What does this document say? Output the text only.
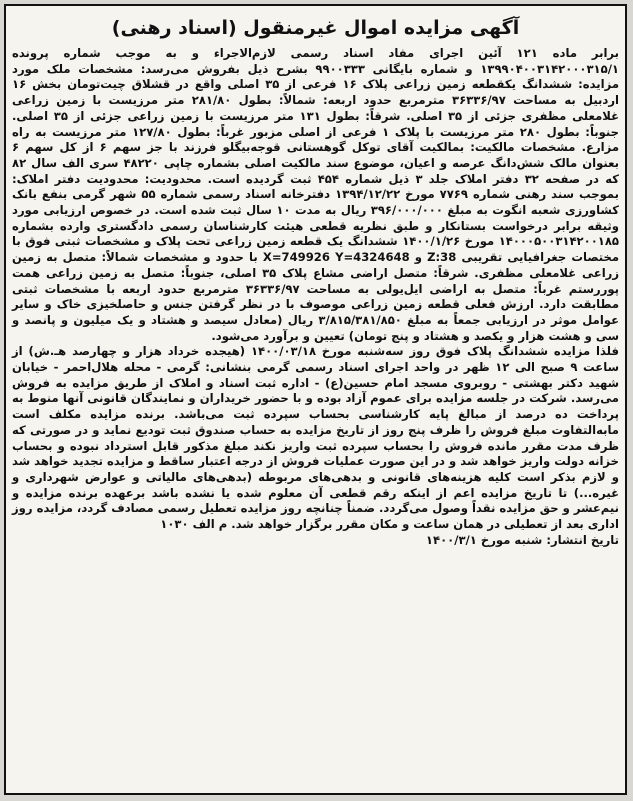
آگهی مزایده اموال غیرمنقول (اسناد رهنی)

برابر ماده ۱۲۱ آئین اجرای مفاد اسناد رسمی لازم‌الاجراء و به موجب شماره پرونده ۱۳۹۹۰۴۰۰۳۱۴۲۰۰۰۳۱۵/۱ و شماره بایگانی ۹۹۰۰۳۳۳ بشرح ذیل بفروش می‌رسد: مشخصات ملک مورد مزایده: ششدانگ یکقطعه زمین زراعی پلاک ۱۶ فرعی از ۳۵ اصلی واقع در قشلاق چیت‌تومان بخش ۱۶ اردبیل به مساحت ۳۶۳۳۶/۹۷ مترمربع حدود اربعه: شمالاً: بطول ۲۸۱/۸۰ متر مرزیست با زمین زراعی غلامعلی مظفری جزئی از ۳۵ اصلی. شرقاً: بطول ۱۳۱ متر مرزیست با زمین زراعی جزئی از ۳۵ اصلی. جنوباً: بطول ۲۸۰ متر مرزیست با پلاک ۱ فرعی از اصلی مزبور غرباً: بطول ۱۲۷/۸۰ متر مرزیست به راه مزارع. مشخصات مالکیت: بمالکیت آقای توکل گوهستانی قوجه‌بیگلو فرزند با جز سهم ۶ از کل سهم ۶ بعنوان مالک شش‌دانگ عرصه و اعیان، موضوع سند مالکیت اصلی بشماره چاپی ۴۸۲۲۰ سری الف سال ۸۲ که در صفحه ۳۲ دفتر املاک جلد ۳ ذیل شماره ۴۵۴ ثبت گردیده است. محدودیت: محدودیت دفتر املاک: بموجب سند رهنی شماره ۷۷۶۹ مورخ ۱۳۹۴/۱۲/۲۲ دفترخانه اسناد رسمی شماره ۵۵ شهر گرمی بنفع بانک کشاورزی شعبه انگوت به مبلغ ۳۹۶/۰۰۰/۰۰۰ ریال به مدت ۱۰ سال ثبت شده است. در خصوص ارزیابی مورد وثیقه برابر درخواست بستانکار و طبق نظریه قطعی هیئت کارشناسان رسمی دادگستری وارده بشماره ۱۴۰۰۰۵۰۰۳۱۴۲۰۰۱۸۵ مورخ ۱۴۰۰/۱/۲۶ ششدانگ یک قطعه زمین زراعی تحت پلاک و مشخصات ثبتی فوق با مختصات جغرافیایی تقریبی Z:38 و X=749926 Y=4324648 با حدود و مشخصات شمالاً: متصل به زمین زراعی غلامعلی مظفری. شرقاً: متصل اراضی مشاع پلاک ۳۵ اصلی، جنوباً: متصل به زمین زراعی همت پوررستم غرباً: متصل به اراضی ایل‌یولی به مساحت ۳۶۳۳۶/۹۷ مترمربع حدود اربعه با مشخصات ثبتی مطابقت دارد. ارزش فعلی قطعه زمین زراعی موصوف با در نظر گرفتن جنس و حاصلخیزی خاک و سایر عوامل موثر در ارزیابی جمعاً به مبلغ ۳/۸۱۵/۳۸۱/۸۵۰ ریال (معادل سیصد و هشتاد و یک میلیون و پانصد و سی و هشت هزار و یکصد و هشتاد و پنج تومان) تعیین و برآورد می‌شود.

فلذا مزایده ششدانگ پلاک فوق روز سه‌شنبه مورخ ۱۴۰۰/۰۳/۱۸ (هیجده خرداد هزار و چهارصد هـ.ش) از ساعت ۹ صبح الی ۱۲ ظهر در واحد اجرای اسناد رسمی گرمی بنشانی: گرمی - محله هلال‌احمر - خیابان شهید دکتر بهشتی - روبروی مسجد امام حسین(ع) - اداره ثبت اسناد و املاک از طریق مزایده به فروش می‌رسد. شرکت در جلسه مزایده برای عموم آزاد بوده و با حضور خریداران و نمایندگان قانونی آنها منوط به پرداخت ده درصد از مبالغ پایه کارشناسی بحساب سپرده ثبت می‌باشد. برنده مزایده مکلف است مابه‌التفاوت مبلغ فروش را ظرف پنج روز از تاریخ مزایده به حساب صندوق ثبت تودیع نماید و در صورتی که ظرف مدت مقرر مانده فروش را بحساب سپرده ثبت واریز نکند مبلغ مذکور قابل استرداد نبوده و بحساب خزانه دولت واریز خواهد شد و در این صورت عملیات فروش از درجه اعتبار ساقط و مزایده تجدید خواهد شد و لازم بذکر است کلیه هزینه‌های قانونی و بدهی‌های مربوطه (بدهی‌های مالیاتی و عوارض شهرداری و غیره...) تا تاریخ مزایده اعم از اینکه رقم قطعی آن معلوم شده یا نشده باشد برعهده برنده مزایده و نیم‌عشر و حق مزایده نقداً وصول می‌گردد. ضمناً چنانچه روز مزایده تعطیل رسمی مصادف گردد، مزایده روز اداری بعد از تعطیلی در همان ساعت و مکان مقرر برگزار خواهد شد. م الف ۱۰۳۰

تاریخ انتشار: شنبه مورخ ۱۴۰۰/۳/۱
